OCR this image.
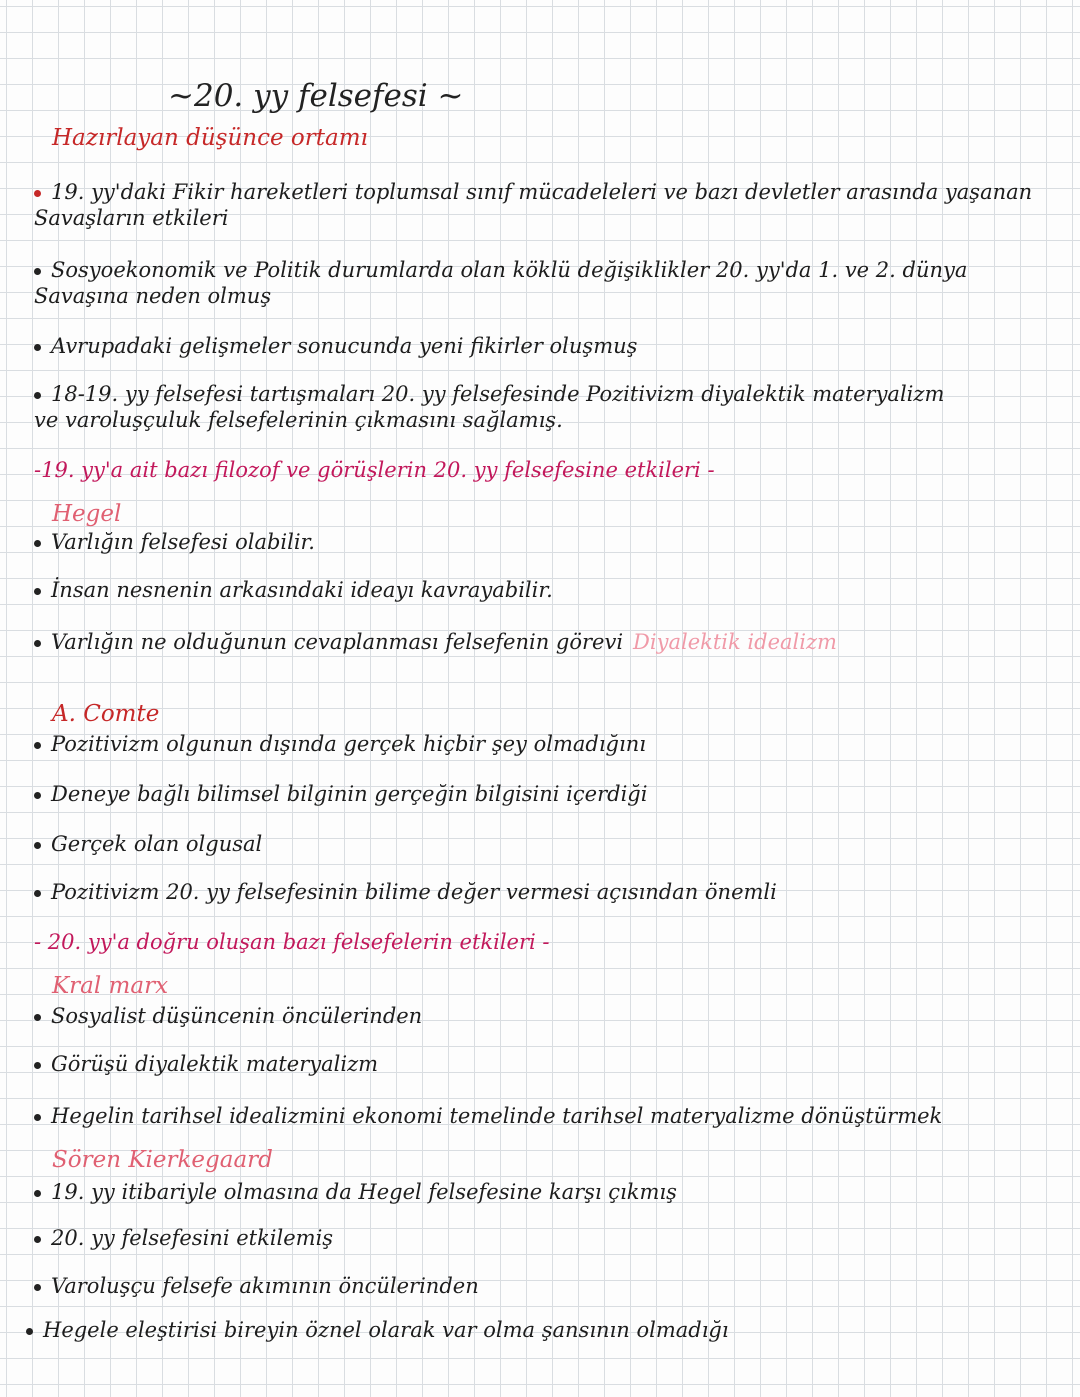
~20. yy felsefesi ~
Hazırlayan düşünce ortamı
19. yy'daki Fikir hareketleri toplumsal sınıf mücadeleleri ve bazı devletler arasında yaşanan
Savaşların etkileri
Sosyoekonomik ve Politik durumlarda olan köklü değişiklikler 20. yy'da 1. ve 2. dünya
Savaşına neden olmuş
Avrupadaki gelişmeler sonucunda yeni fikirler oluşmuş
18-19. yy felsefesi tartışmaları 20. yy felsefesinde Pozitivizm diyalektik materyalizm
ve varoluşçuluk felsefelerinin çıkmasını sağlamış.
-19. yy'a ait bazı filozof ve görüşlerin 20. yy felsefesine etkileri -
Hegel
Varlığın felsefesi olabilir.
İnsan nesnenin arkasındaki ideayı kavrayabilir.
Varlığın ne olduğunun cevaplanması felsefenin görevi Diyalektik idealizm
A. Comte
Pozitivizm olgunun dışında gerçek hiçbir şey olmadığını
Deneye bağlı bilimsel bilginin gerçeğin bilgisini içerdiği
Gerçek olan olgusal
Pozitivizm 20. yy felsefesinin bilime değer vermesi açısından önemli
- 20. yy'a doğru oluşan bazı felsefelerin etkileri -
Kral marx
Sosyalist düşüncenin öncülerinden
Görüşü diyalektik materyalizm
Hegelin tarihsel idealizmini ekonomi temelinde tarihsel materyalizme dönüştürmek
Sören Kierkegaard
19. yy itibariyle olmasına da Hegel felsefesine karşı çıkmış
20. yy felsefesini etkilemiş
Varoluşçu felsefe akımının öncülerinden
Hegele eleştirisi bireyin öznel olarak var olma şansının olmadığı
